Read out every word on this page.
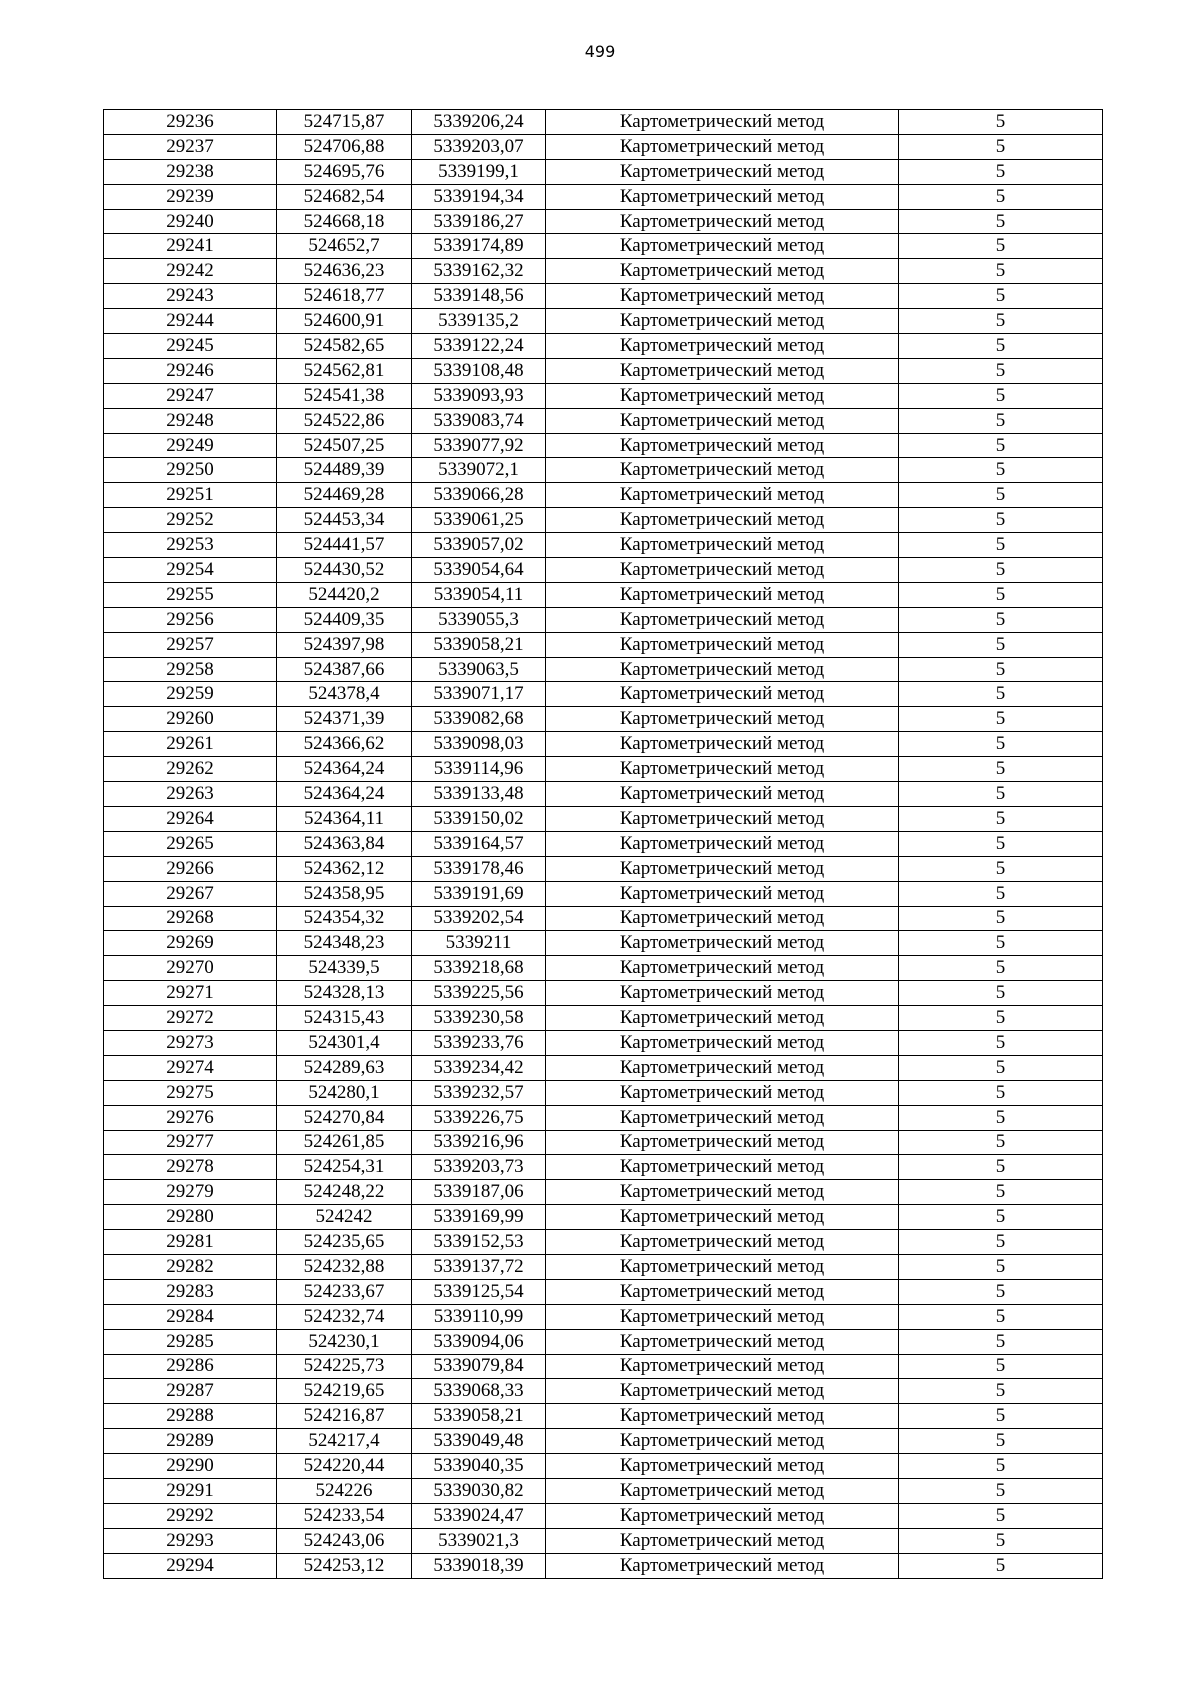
499
29236	524715,87	5339206,24	Картометрический метод	5
29237	524706,88	5339203,07	Картометрический метод	5
29238	524695,76	5339199,1	Картометрический метод	5
29239	524682,54	5339194,34	Картометрический метод	5
29240	524668,18	5339186,27	Картометрический метод	5
29241	524652,7	5339174,89	Картометрический метод	5
29242	524636,23	5339162,32	Картометрический метод	5
29243	524618,77	5339148,56	Картометрический метод	5
29244	524600,91	5339135,2	Картометрический метод	5
29245	524582,65	5339122,24	Картометрический метод	5
29246	524562,81	5339108,48	Картометрический метод	5
29247	524541,38	5339093,93	Картометрический метод	5
29248	524522,86	5339083,74	Картометрический метод	5
29249	524507,25	5339077,92	Картометрический метод	5
29250	524489,39	5339072,1	Картометрический метод	5
29251	524469,28	5339066,28	Картометрический метод	5
29252	524453,34	5339061,25	Картометрический метод	5
29253	524441,57	5339057,02	Картометрический метод	5
29254	524430,52	5339054,64	Картометрический метод	5
29255	524420,2	5339054,11	Картометрический метод	5
29256	524409,35	5339055,3	Картометрический метод	5
29257	524397,98	5339058,21	Картометрический метод	5
29258	524387,66	5339063,5	Картометрический метод	5
29259	524378,4	5339071,17	Картометрический метод	5
29260	524371,39	5339082,68	Картометрический метод	5
29261	524366,62	5339098,03	Картометрический метод	5
29262	524364,24	5339114,96	Картометрический метод	5
29263	524364,24	5339133,48	Картометрический метод	5
29264	524364,11	5339150,02	Картометрический метод	5
29265	524363,84	5339164,57	Картометрический метод	5
29266	524362,12	5339178,46	Картометрический метод	5
29267	524358,95	5339191,69	Картометрический метод	5
29268	524354,32	5339202,54	Картометрический метод	5
29269	524348,23	5339211	Картометрический метод	5
29270	524339,5	5339218,68	Картометрический метод	5
29271	524328,13	5339225,56	Картометрический метод	5
29272	524315,43	5339230,58	Картометрический метод	5
29273	524301,4	5339233,76	Картометрический метод	5
29274	524289,63	5339234,42	Картометрический метод	5
29275	524280,1	5339232,57	Картометрический метод	5
29276	524270,84	5339226,75	Картометрический метод	5
29277	524261,85	5339216,96	Картометрический метод	5
29278	524254,31	5339203,73	Картометрический метод	5
29279	524248,22	5339187,06	Картометрический метод	5
29280	524242	5339169,99	Картометрический метод	5
29281	524235,65	5339152,53	Картометрический метод	5
29282	524232,88	5339137,72	Картометрический метод	5
29283	524233,67	5339125,54	Картометрический метод	5
29284	524232,74	5339110,99	Картометрический метод	5
29285	524230,1	5339094,06	Картометрический метод	5
29286	524225,73	5339079,84	Картометрический метод	5
29287	524219,65	5339068,33	Картометрический метод	5
29288	524216,87	5339058,21	Картометрический метод	5
29289	524217,4	5339049,48	Картометрический метод	5
29290	524220,44	5339040,35	Картометрический метод	5
29291	524226	5339030,82	Картометрический метод	5
29292	524233,54	5339024,47	Картометрический метод	5
29293	524243,06	5339021,3	Картометрический метод	5
29294	524253,12	5339018,39	Картометрический метод	5
